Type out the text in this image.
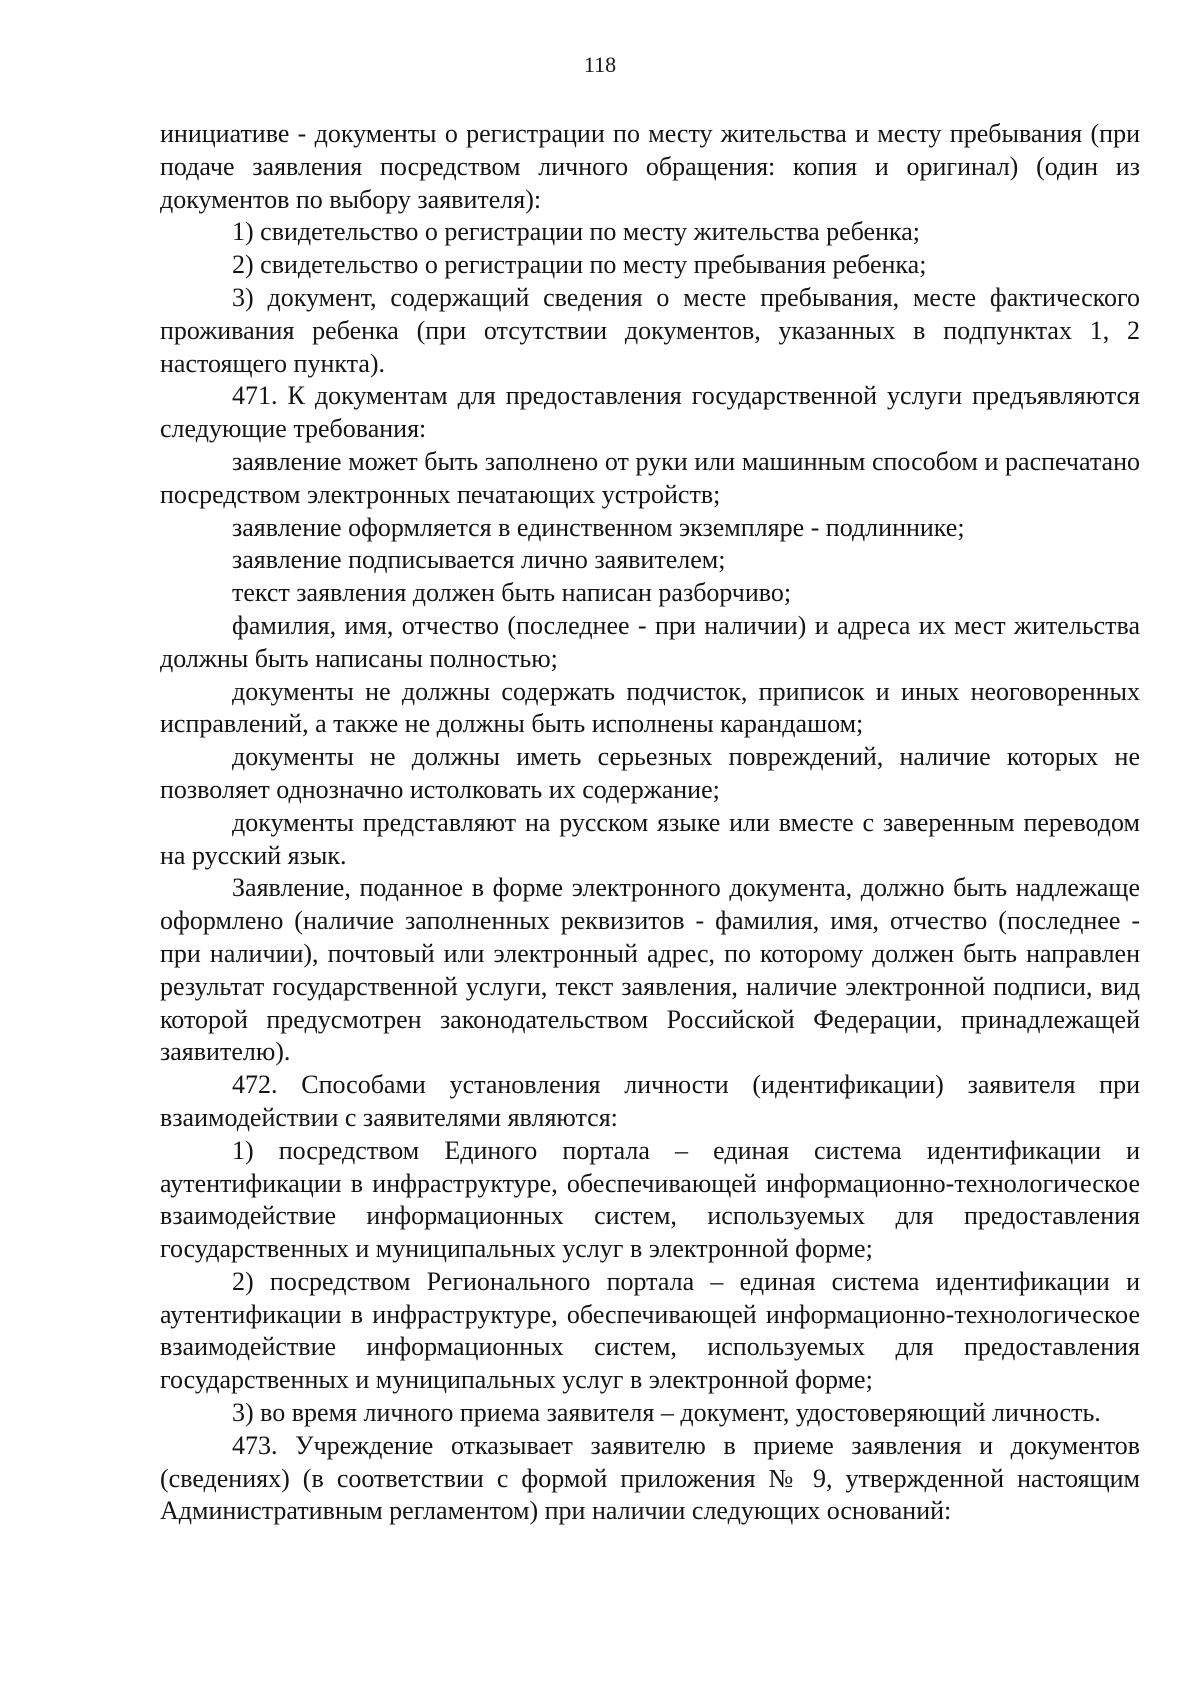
118

инициативе - документы о регистрации по месту жительства и месту пребывания (при подаче заявления посредством личного обращения: копия и оригинал) (один из документов по выбору заявителя):

1) свидетельство о регистрации по месту жительства ребенка;

2) свидетельство о регистрации по месту пребывания ребенка;

3) документ, содержащий сведения о месте пребывания, месте фактического проживания ребенка (при отсутствии документов, указанных в подпунктах 1, 2 настоящего пункта).

471. К документам для предоставления государственной услуги предъявляются следующие требования:

заявление может быть заполнено от руки или машинным способом и распечатано посредством электронных печатающих устройств;

заявление оформляется в единственном экземпляре - подлиннике;

заявление подписывается лично заявителем;

текст заявления должен быть написан разборчиво;

фамилия, имя, отчество (последнее - при наличии) и адреса их мест жительства должны быть написаны полностью;

документы не должны содержать подчисток, приписок и иных неоговоренных исправлений, а также не должны быть исполнены карандашом;

документы не должны иметь серьезных повреждений, наличие которых не позволяет однозначно истолковать их содержание;

документы представляют на русском языке или вместе с заверенным переводом на русский язык.

Заявление, поданное в форме электронного документа, должно быть надлежаще оформлено (наличие заполненных реквизитов - фамилия, имя, отчество (последнее - при наличии), почтовый или электронный адрес, по которому должен быть направлен результат государственной услуги, текст заявления, наличие электронной подписи, вид которой предусмотрен законодательством Российской Федерации, принадлежащей заявителю).

472. Способами установления личности (идентификации) заявителя при взаимодействии с заявителями являются:

1) посредством Единого портала – единая система идентификации и аутентификации в инфраструктуре, обеспечивающей информационно-технологическое взаимодействие информационных систем, используемых для предоставления государственных и муниципальных услуг в электронной форме;

2) посредством Регионального портала – единая система идентификации и аутентификации в инфраструктуре, обеспечивающей информационно-технологическое взаимодействие информационных систем, используемых для предоставления государственных и муниципальных услуг в электронной форме;

3) во время личного приема заявителя – документ, удостоверяющий личность.

473. Учреждение отказывает заявителю в приеме заявления и документов (сведениях) (в соответствии с формой приложения № 9, утвержденной настоящим Административным регламентом) при наличии следующих оснований:
